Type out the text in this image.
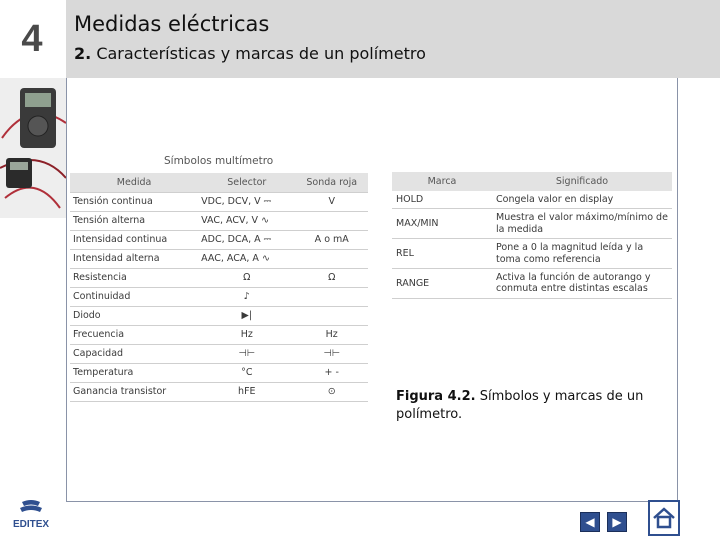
4 Medidas eléctricas
2. Características y marcas de un polímetro
Símbolos multímetro
Medida	Selector	Sonda roja
Tensión continua	VDC, DCV, V ⎓	V
Tensión alterna	VAC, ACV, V ∿	
Intensidad continua	ADC, DCA, A ⎓	A o mA
Intensidad alterna	AAC, ACA, A ∿	
Resistencia	Ω	Ω
Continuidad	♪	
Diodo	▶|	
Frecuencia	Hz	Hz
Capacidad	⊣⊢	⊣⊢
Temperatura	°C	+ -
Ganancia transistor	hFE	⊙
Marca	Significado
HOLD	Congela valor en display
MAX/MIN	Muestra el valor máximo/mínimo de la medida
REL	Pone a 0 la magnitud leída y la toma como referencia
RANGE	Activa la función de autorango y conmuta entre distintas escalas
Figura 4.2. Símbolos y marcas de un polímetro.
EDITEX	◀ ▶
